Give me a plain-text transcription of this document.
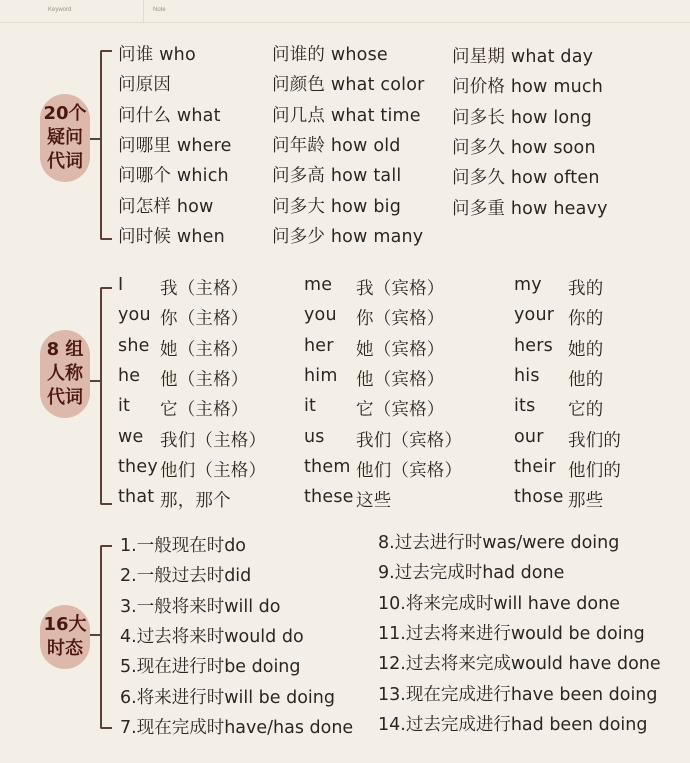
Keyword	Note
20个
疑问
代词
问谁 who
问原因
问什么 what
问哪里 where
问哪个 which
问怎样 how
问时候 when
问谁的 whose
问颜色 what color
问几点 what time
问年龄 how old
问多高 how tall
问多大 how big
问多少 how many
问星期 what day
问价格 how much
问多长 how long
问多久 how soon
问多久 how often
问多重 how heavy
8 组
人称
代词
I 我（主格）
you 你（主格）
she 她（主格）
he 他（主格）
it 它（主格）
we 我们（主格）
they 他们（主格）
that 那，那个
me 我（宾格）
you 你（宾格）
her 她（宾格）
him 他（宾格）
it 它（宾格）
us 我们（宾格）
them 他们（宾格）
these 这些
my 我的
your 你的
hers 她的
his 他的
its 它的
our 我们的
their 他们的
those 那些
16大
时态
1.一般现在时do
2.一般过去时did
3.一般将来时will do
4.过去将来时would do
5.现在进行时be doing
6.将来进行时will be doing
7.现在完成时have/has done
8.过去进行时was/were doing
9.过去完成时had done
10.将来完成时will have done
11.过去将来进行would be doing
12.过去将来完成would have done
13.现在完成进行have been doing
14.过去完成进行had been doing
